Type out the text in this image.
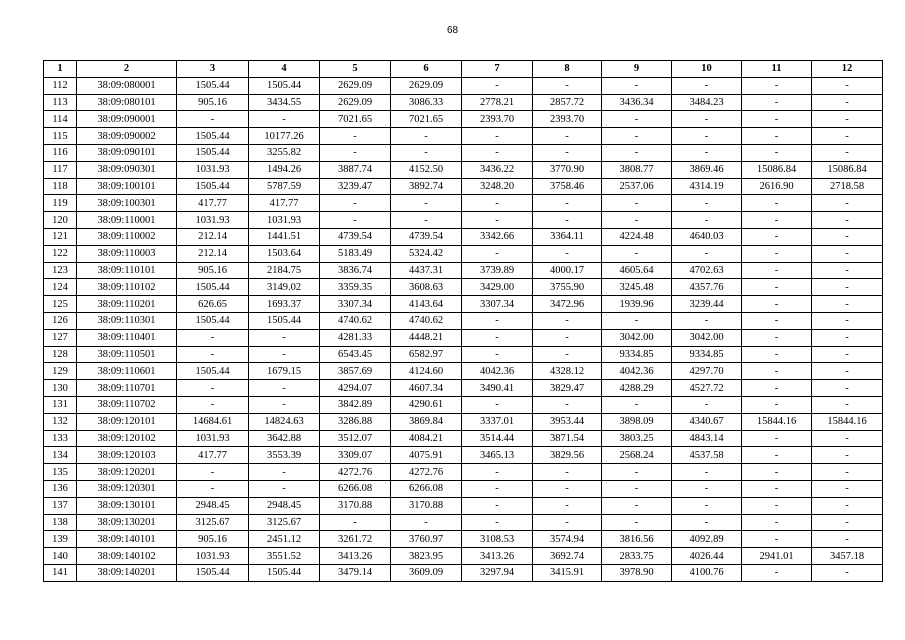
68
1	2	3	4	5	6	7	8	9	10	11	12
112	38:09:080001	1505.44	1505.44	2629.09	2629.09	-	-	-	-	-	-
113	38:09:080101	905.16	3434.55	2629.09	3086.33	2778.21	2857.72	3436.34	3484.23	-	-
114	38:09:090001	-	-	7021.65	7021.65	2393.70	2393.70	-	-	-	-
115	38:09:090002	1505.44	10177.26	-	-	-	-	-	-	-	-
116	38:09:090101	1505.44	3255.82	-	-	-	-	-	-	-	-
117	38:09:090301	1031.93	1494.26	3887.74	4152.50	3436.22	3770.90	3808.77	3869.46	15086.84	15086.84
118	38:09:100101	1505.44	5787.59	3239.47	3892.74	3248.20	3758.46	2537.06	4314.19	2616.90	2718.58
119	38:09:100301	417.77	417.77	-	-	-	-	-	-	-	-
120	38:09:110001	1031.93	1031.93	-	-	-	-	-	-	-	-
121	38:09:110002	212.14	1441.51	4739.54	4739.54	3342.66	3364.11	4224.48	4640.03	-	-
122	38:09:110003	212.14	1503.64	5183.49	5324.42	-	-	-	-	-	-
123	38:09:110101	905.16	2184.75	3836.74	4437.31	3739.89	4000.17	4605.64	4702.63	-	-
124	38:09:110102	1505.44	3149.02	3359.35	3608.63	3429.00	3755.90	3245.48	4357.76	-	-
125	38:09:110201	626.65	1693.37	3307.34	4143.64	3307.34	3472.96	1939.96	3239.44	-	-
126	38:09:110301	1505.44	1505.44	4740.62	4740.62	-	-	-	-	-	-
127	38:09:110401	-	-	4281.33	4448.21	-	-	3042.00	3042.00	-	-
128	38:09:110501	-	-	6543.45	6582.97	-	-	9334.85	9334.85	-	-
129	38:09:110601	1505.44	1679.15	3857.69	4124.60	4042.36	4328.12	4042.36	4297.70	-	-
130	38:09:110701	-	-	4294.07	4607.34	3490.41	3829.47	4288.29	4527.72	-	-
131	38:09:110702	-	-	3842.89	4290.61	-	-	-	-	-	-
132	38:09:120101	14684.61	14824.63	3286.88	3869.84	3337.01	3953.44	3898.09	4340.67	15844.16	15844.16
133	38:09:120102	1031.93	3642.88	3512.07	4084.21	3514.44	3871.54	3803.25	4843.14	-	-
134	38:09:120103	417.77	3553.39	3309.07	4075.91	3465.13	3829.56	2568.24	4537.58	-	-
135	38:09:120201	-	-	4272.76	4272.76	-	-	-	-	-	-
136	38:09:120301	-	-	6266.08	6266.08	-	-	-	-	-	-
137	38:09:130101	2948.45	2948.45	3170.88	3170.88	-	-	-	-	-	-
138	38:09:130201	3125.67	3125.67	-	-	-	-	-	-	-	-
139	38:09:140101	905.16	2451.12	3261.72	3760.97	3108.53	3574.94	3816.56	4092.89	-	-
140	38:09:140102	1031.93	3551.52	3413.26	3823.95	3413.26	3692.74	2833.75	4026.44	2941.01	3457.18
141	38:09:140201	1505.44	1505.44	3479.14	3609.09	3297.94	3415.91	3978.90	4100.76	-	-
